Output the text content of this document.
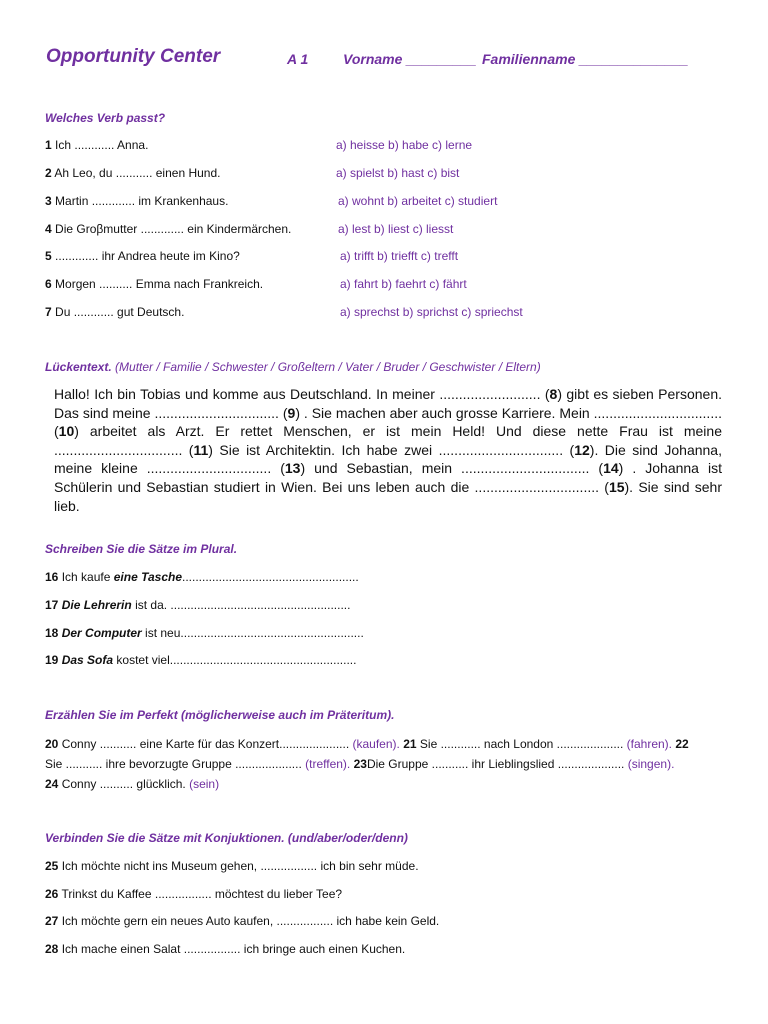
Opportunity Center	A 1 Vorname _________ Familienname ______________
Welches Verb passt?
1 Ich ............ Anna.	a) heisse b) habe c) lerne
2 Ah Leo, du ........... einen Hund.	a) spielst b) hast c) bist
3 Martin ............. im Krankenhaus.	a) wohnt b) arbeitet c) studiert
4 Die Groβmutter ............. ein Kindermärchen.	a) lest b) liest c) liesst
5 ............. ihr Andrea heute im Kino?	a) trifft b) triefft c) trefft
6 Morgen .......... Emma nach Frankreich.	a) fahrt b) faehrt c) fährt
7 Du ............ gut Deutsch.	a) sprechst b) sprichst c) spriechst
Lückentext. (Mutter / Familie / Schwester / Großeltern / Vater / Bruder / Geschwister / Eltern)
Hallo! Ich bin Tobias und komme aus Deutschland. In meiner .......................... (8) gibt es sieben Personen. Das sind meine ................................ (9) . Sie machen aber auch grosse Karriere. Mein ................................. (10) arbeitet als Arzt. Er rettet Menschen, er ist mein Held! Und diese nette Frau ist meine ................................. (11) Sie ist Architektin. Ich habe zwei ................................ (12). Die sind Johanna, meine kleine ................................ (13) und Sebastian, mein ................................. (14) . Johanna ist Schülerin und Sebastian studiert in Wien. Bei uns leben auch die ................................ (15). Sie sind sehr lieb.
Schreiben Sie die Sätze im Plural.
16 Ich kaufe eine Tasche.....................................................
17 Die Lehrerin ist da. ......................................................
18 Der Computer ist neu.......................................................
19 Das Sofa kostet viel........................................................
Erzählen Sie im Perfekt (möglicherweise auch im Präteritum).
20 Conny ........... eine Karte für das Konzert..................... (kaufen). 21 Sie ............ nach London .................... (fahren). 22
Sie ........... ihre bevorzugte Gruppe .................... (treffen). 23Die Gruppe ........... ihr Lieblingslied .................... (singen).
24 Conny .......... glücklich. (sein)
Verbinden Sie die Sätze mit Konjuktionen. (und/aber/oder/denn)
25 Ich möchte nicht ins Museum gehen, ................. ich bin sehr müde.
26 Trinkst du Kaffee ................. möchtest du lieber Tee?
27 Ich möchte gern ein neues Auto kaufen, ................. ich habe kein Geld.
28 Ich mache einen Salat ................. ich bringe auch einen Kuchen.
